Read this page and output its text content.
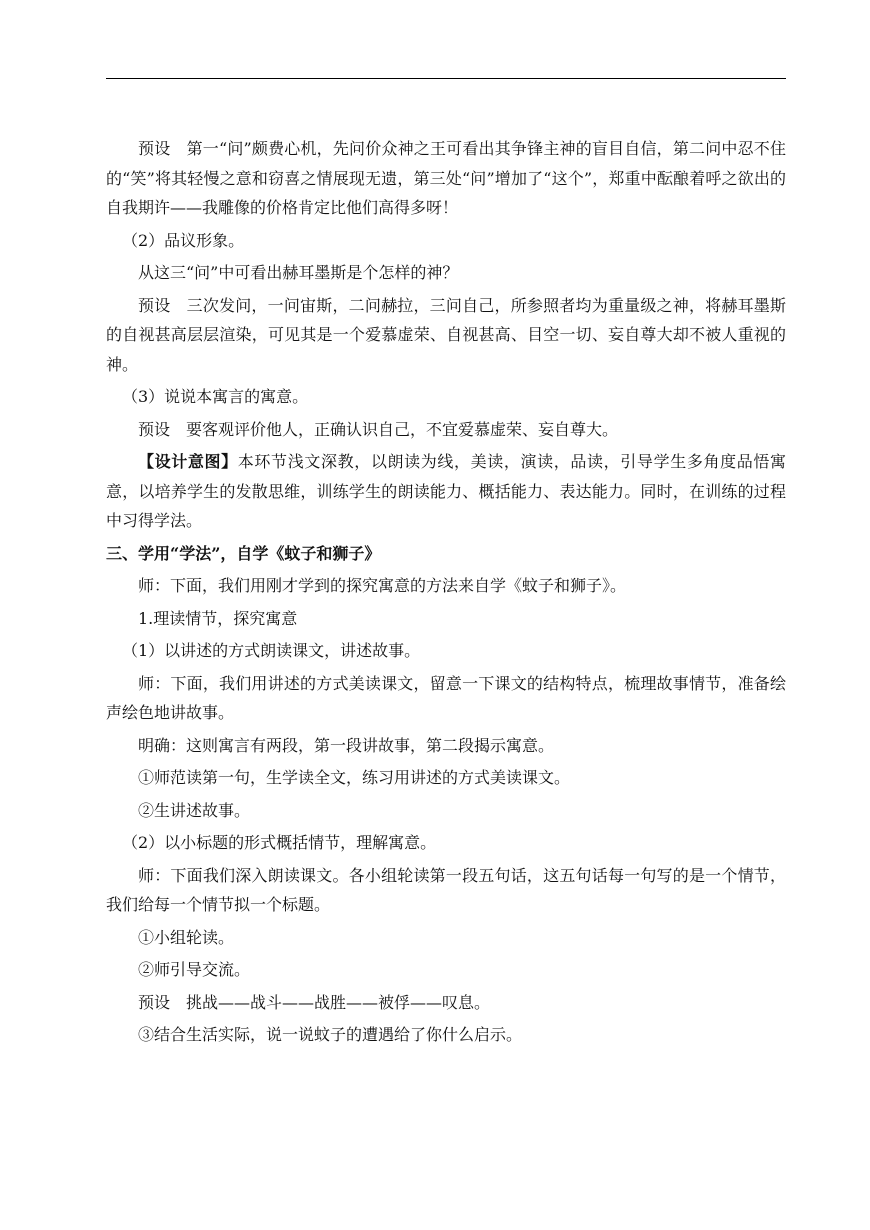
预设　第一“问”颇费心机，先问价众神之王可看出其争锋主神的盲目自信，第二问中忍不住的“笑”将其轻慢之意和窃喜之情展现无遗，第三处“问”增加了“这个”，郑重中酝酿着呼之欲出的自我期许——我雕像的价格肯定比他们高得多呀！

（2）品议形象。

从这三“问”中可看出赫耳墨斯是个怎样的神？

预设　三次发问，一问宙斯，二问赫拉，三问自己，所参照者均为重量级之神，将赫耳墨斯的自视甚高层层渲染，可见其是一个爱慕虚荣、自视甚高、目空一切、妄自尊大却不被人重视的神。

（3）说说本寓言的寓意。

预设　要客观评价他人，正确认识自己，不宜爱慕虚荣、妄自尊大。

【设计意图】本环节浅文深教，以朗读为线，美读，演读，品读，引导学生多角度品悟寓意，以培养学生的发散思维，训练学生的朗读能力、概括能力、表达能力。同时，在训练的过程中习得学法。

三、学用“学法”，自学《蚊子和狮子》

师：下面，我们用刚才学到的探究寓意的方法来自学《蚊子和狮子》。

1.理读情节，探究寓意

（1）以讲述的方式朗读课文，讲述故事。

师：下面，我们用讲述的方式美读课文，留意一下课文的结构特点，梳理故事情节，准备绘声绘色地讲故事。

明确：这则寓言有两段，第一段讲故事，第二段揭示寓意。

①师范读第一句，生学读全文，练习用讲述的方式美读课文。

②生讲述故事。

（2）以小标题的形式概括情节，理解寓意。

师：下面我们深入朗读课文。各小组轮读第一段五句话，这五句话每一句写的是一个情节，我们给每一个情节拟一个标题。

①小组轮读。

②师引导交流。

预设　挑战——战斗——战胜——被俘——叹息。

③结合生活实际，说一说蚊子的遭遇给了你什么启示。
